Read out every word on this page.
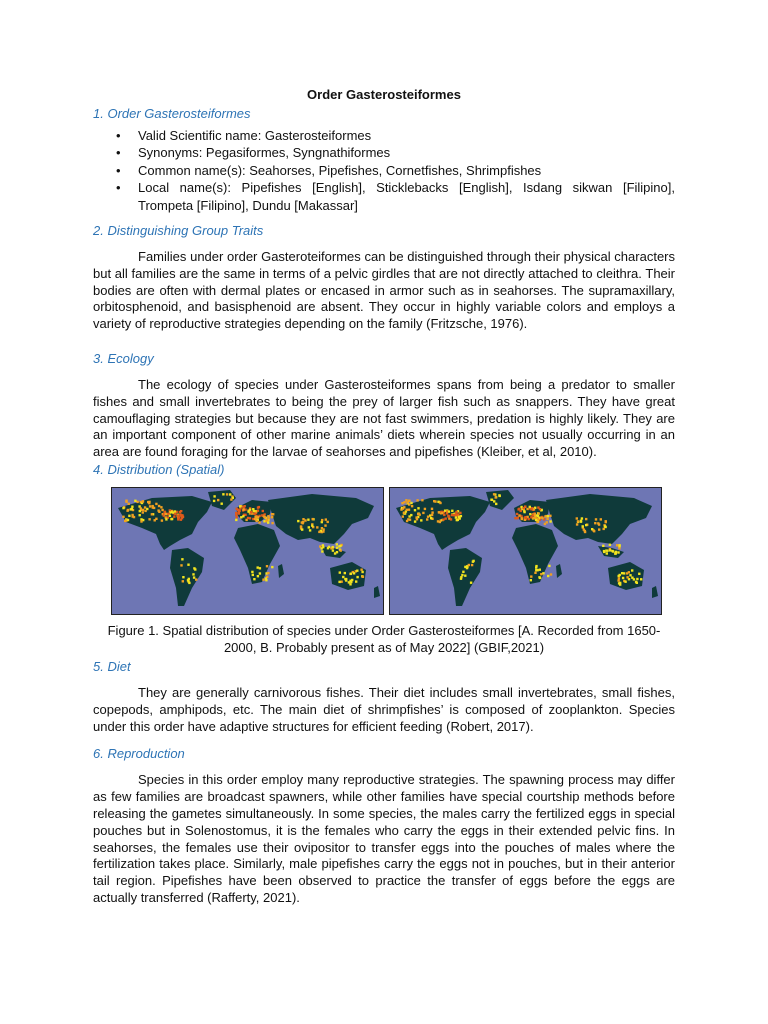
Order Gasterosteiformes
1. Order Gasterosteiformes
• Valid Scientific name: Gasterosteiformes
• Synonyms: Pegasiformes, Syngnathiformes
• Common name(s): Seahorses, Pipefishes, Cornetfishes, Shrimpfishes
• Local name(s): Pipefishes [English], Sticklebacks [English], Isdang sikwan [Filipino], Trompeta [Filipino], Dundu [Makassar]
2. Distinguishing Group Traits

Families under order Gasteroteiformes can be distinguished through their physical characters but all families are the same in terms of a pelvic girdles that are not directly attached to cleithra. Their bodies are often with dermal plates or encased in armor such as in seahorses. The supramaxillary, orbitosphenoid, and basisphenoid are absent. They occur in highly variable colors and employs a variety of reproductive strategies depending on the family (Fritzsche, 1976).

3. Ecology

The ecology of species under Gasterosteiformes spans from being a predator to smaller fishes and small invertebrates to being the prey of larger fish such as snappers. They have great camouflaging strategies but because they are not fast swimmers, predation is highly likely. They are an important component of other marine animals’ diets wherein species not usually occurring in an area are found foraging for the larvae of seahorses and pipefishes (Kleiber, et al, 2010).

4. Distribution (Spatial)
Figure 1. Spatial distribution of species under Order Gasterosteiformes [A. Recorded from 1650-2000, B. Probably present as of May 2022] (GBIF,2021)
5. Diet

They are generally carnivorous fishes. Their diet includes small invertebrates, small fishes, copepods, amphipods, etc. The main diet of shrimpfishes’ is composed of zooplankton. Species under this order have adaptive structures for efficient feeding (Robert, 2017).

6. Reproduction

Species in this order employ many reproductive strategies. The spawning process may differ as few families are broadcast spawners, while other families have special courtship methods before releasing the gametes simultaneously. In some species, the males carry the fertilized eggs in special pouches but in Solenostomus, it is the females who carry the eggs in their extended pelvic fins. In seahorses, the females use their ovipositor to transfer eggs into the pouches of males where the fertilization takes place. Similarly, male pipefishes carry the eggs not in pouches, but in their anterior tail region. Pipefishes have been observed to practice the transfer of eggs before the eggs are actually transferred (Rafferty, 2021).
